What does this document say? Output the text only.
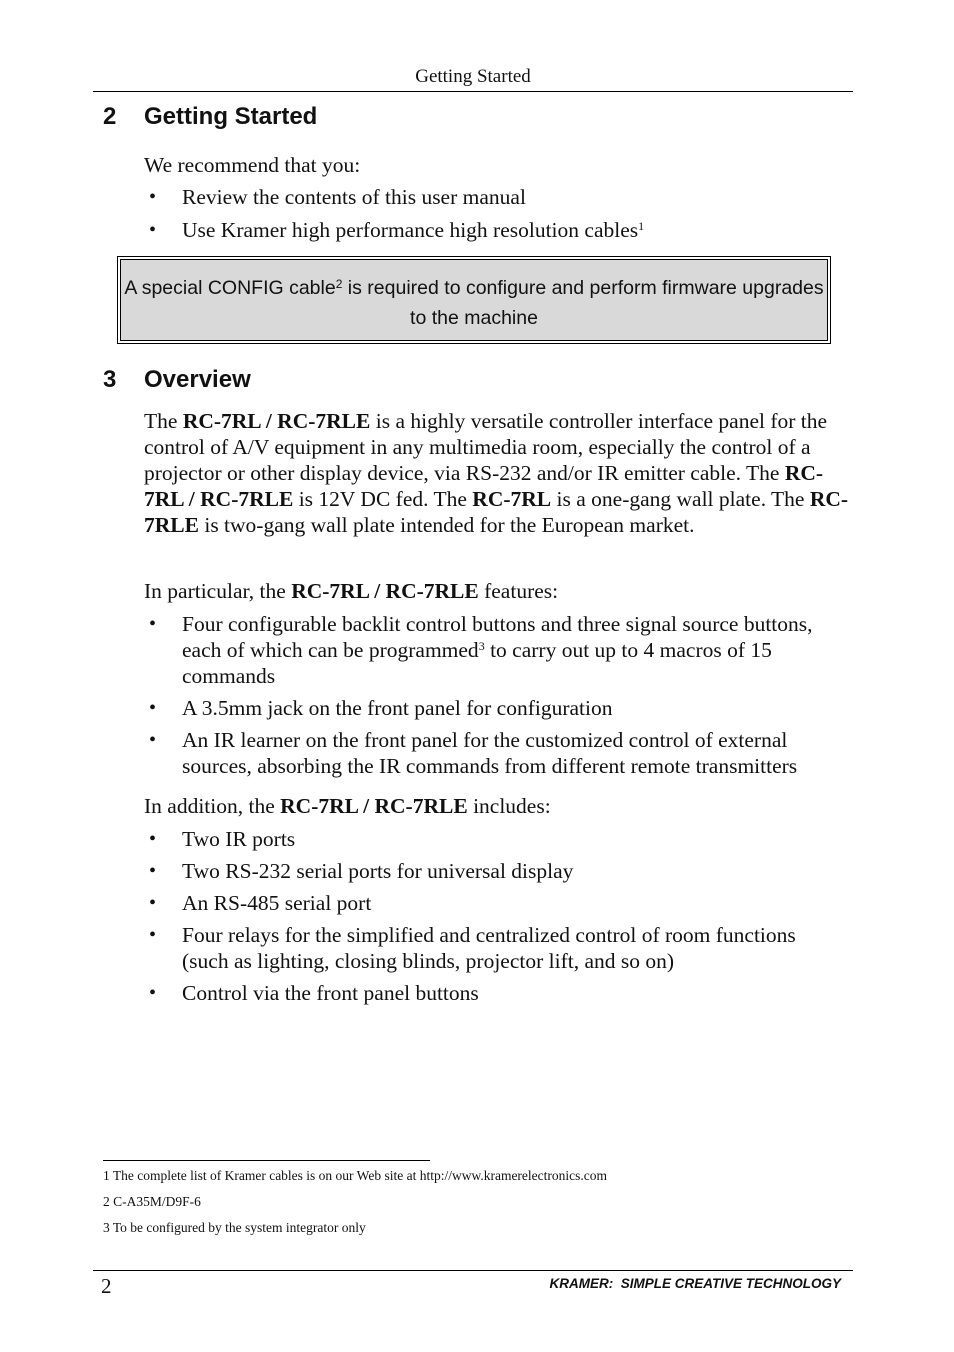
Getting Started
2 Getting Started
We recommend that you:
• Review the contents of this user manual
• Use Kramer high performance high resolution cables$^1$
A special CONFIG cable$^2$ is required to configure and perform firmware upgrades to the machine
3 Overview
The RC-7RL / RC-7RLE is a highly versatile controller interface panel for the control of A/V equipment in any multimedia room, especially the control of a projector or other display device, via RS-232 and/or IR emitter cable. The RC-7RL / RC-7RLE is 12V DC fed. The RC-7RL is a one-gang wall plate. The RC-7RLE is two-gang wall plate intended for the European market.
In particular, the RC-7RL / RC-7RLE features:
• Four configurable backlit control buttons and three signal source buttons, each of which can be programmed$^3$ to carry out up to 4 macros of 15 commands
• A 3.5mm jack on the front panel for configuration
• An IR learner on the front panel for the customized control of external sources, absorbing the IR commands from different remote transmitters
In addition, the RC-7RL / RC-7RLE includes:
• Two IR ports
• Two RS-232 serial ports for universal display
• An RS-485 serial port
• Four relays for the simplified and centralized control of room functions (such as lighting, closing blinds, projector lift, and so on)
• Control via the front panel buttons
1 The complete list of Kramer cables is on our Web site at http://www.kramerelectronics.com
2 C-A35M/D9F-6
3 To be configured by the system integrator only
2	KRAMER:  SIMPLE CREATIVE TECHNOLOGY
